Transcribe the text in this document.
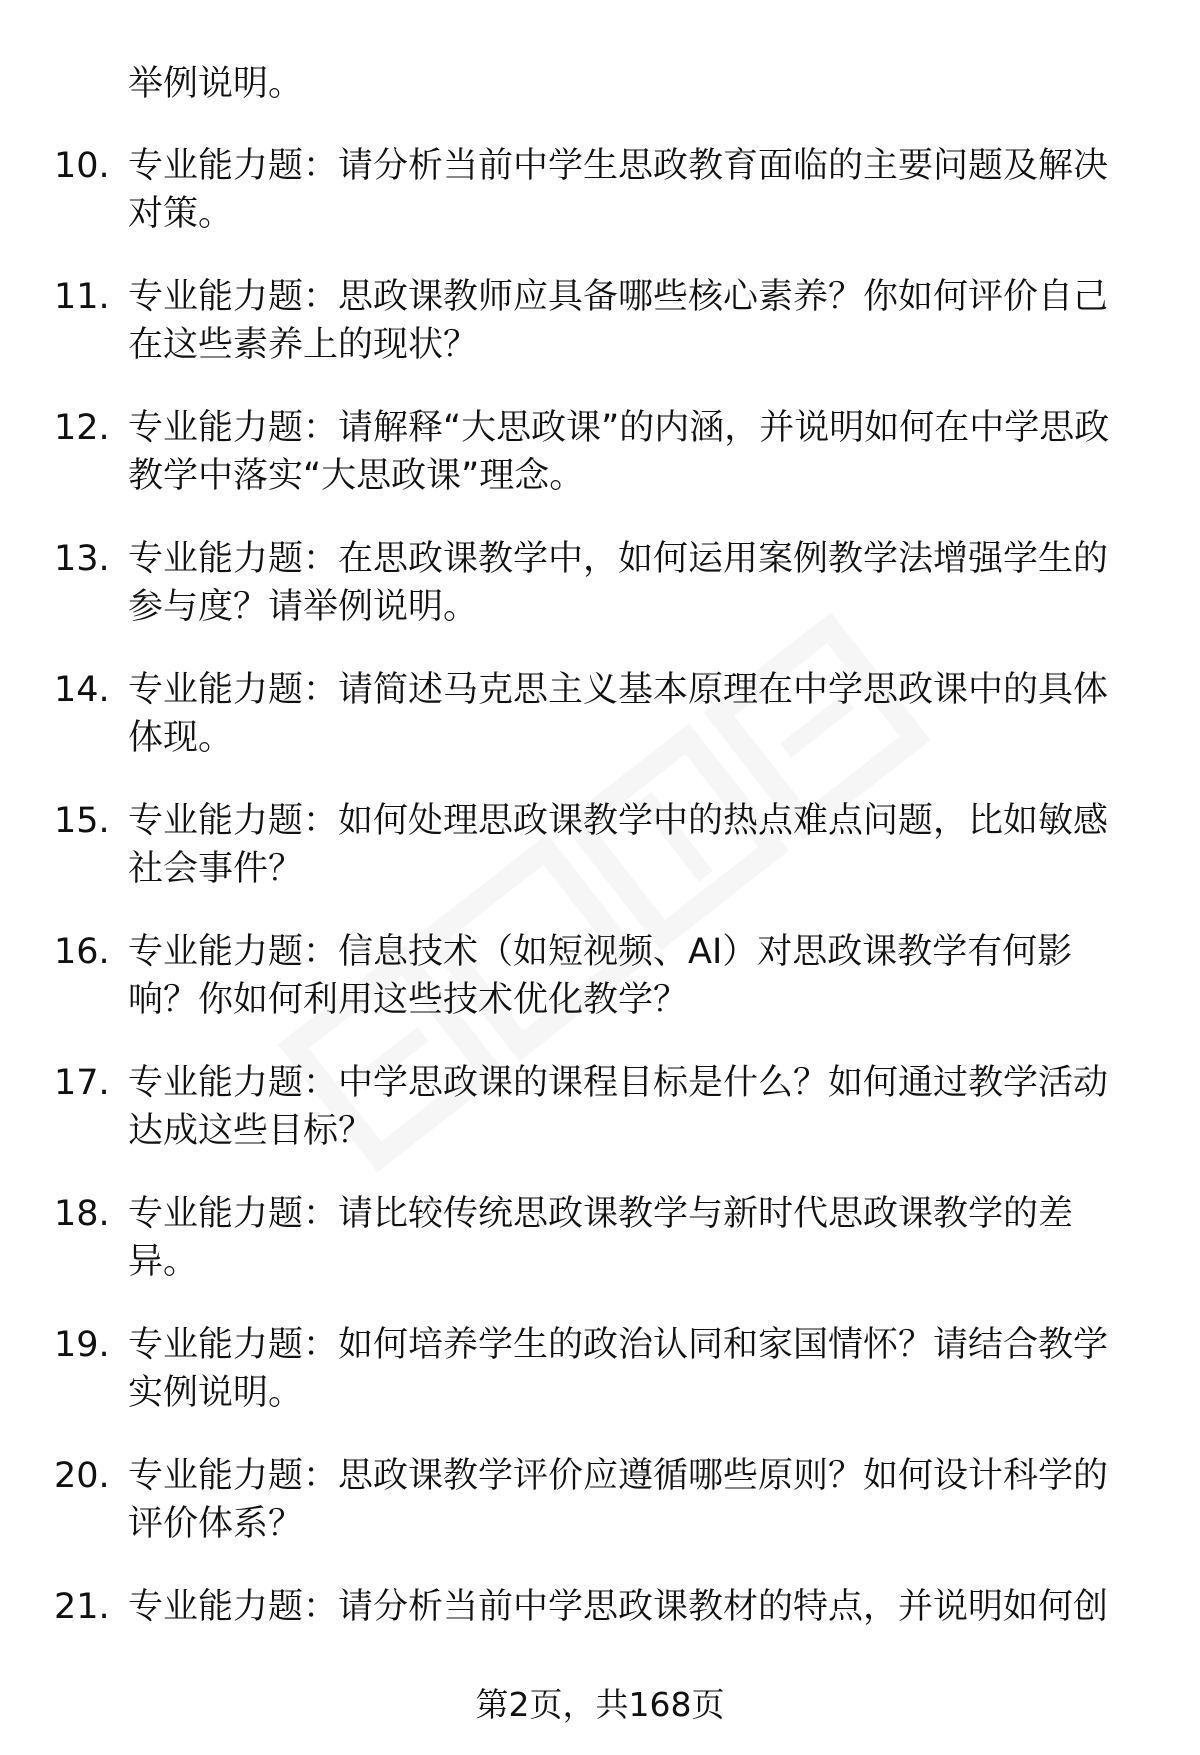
举例说明。

10. 专业能力题：请分析当前中学生思政教育面临的主要问题及解决对策。

11. 专业能力题：思政课教师应具备哪些核心素养？你如何评价自己在这些素养上的现状？

12. 专业能力题：请解释“大思政课”的内涵，并说明如何在中学思政教学中落实“大思政课”理念。

13. 专业能力题：在思政课教学中，如何运用案例教学法增强学生的参与度？请举例说明。

14. 专业能力题：请简述马克思主义基本原理在中学思政课中的具体体现。

15. 专业能力题：如何处理思政课教学中的热点难点问题，比如敏感社会事件？

16. 专业能力题：信息技术（如短视频、AI）对思政课教学有何影响？你如何利用这些技术优化教学？

17. 专业能力题：中学思政课的课程目标是什么？如何通过教学活动达成这些目标？

18. 专业能力题：请比较传统思政课教学与新时代思政课教学的差异。

19. 专业能力题：如何培养学生的政治认同和家国情怀？请结合教学实例说明。

20. 专业能力题：思政课教学评价应遵循哪些原则？如何设计科学的评价体系？

21. 专业能力题：请分析当前中学思政课教材的特点，并说明如何创

第2页，共168页
